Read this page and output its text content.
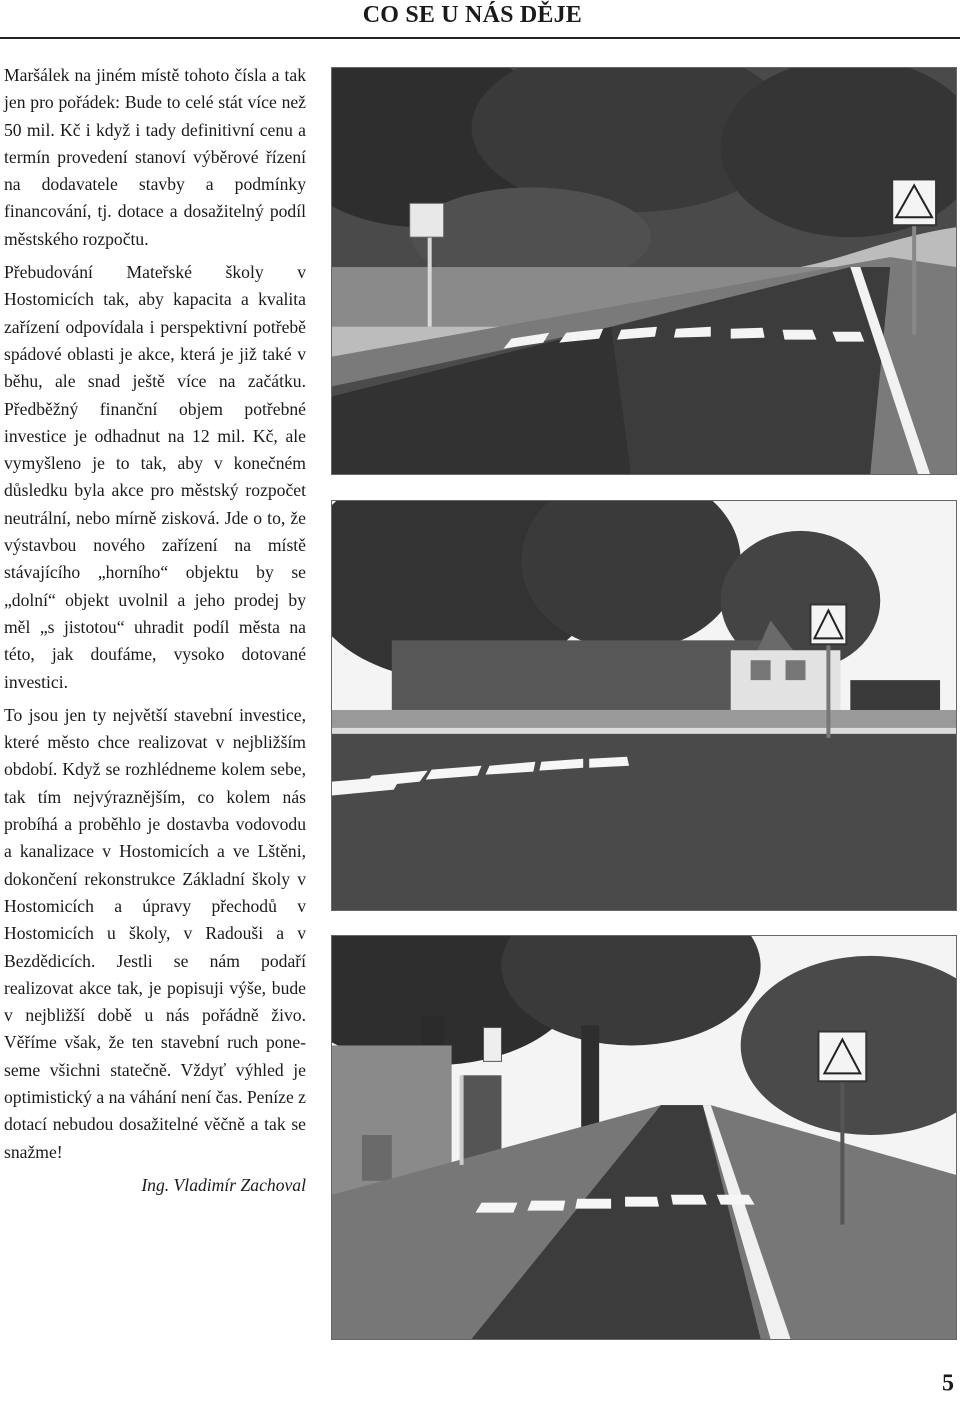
CO SE U NÁS DĚJE

Maršálek na jiném místě tohoto čísla a tak jen pro pořádek: Bude to celé stát více než 50 mil. Kč i když i tady definitivní cenu a termín provedení stanoví výběrové řízení na dodavatele stavby a podmínky financování, tj. dotace a dosažitelný podíl městského rozpočtu.

Přebudování Mateřské školy v Hostomicích tak, aby kapacita a kvalita zařízení odpovídala i perspektivní potřebě spádové oblasti je akce, která je již také v běhu, ale snad ještě více na začátku. Předběžný finanční objem potřebné investice je odhadnut na 12 mil. Kč, ale vymyšleno je to tak, aby v konečném důsledku byla akce pro městský rozpočet neutrální, nebo mírně zisková. Jde o to, že výstavbou nového zařízení na místě stávajícího „horního“ objektu by se „dolní“ objekt uvolnil a jeho prodej by měl „s jistotou“ uhradit podíl města na této, jak doufáme, vysoko dotované investici.

To jsou jen ty největší stavební investice, které město chce realizovat v nejbližším období. Když se rozhlédneme kolem sebe, tak tím nejvýraznějším, co kolem nás probíhá a proběhlo je dostavba vodovodu a kanalizace v Hostomicích a ve Lštěni, dokončení rekonstrukce Základní školy v Hostomicích a úpravy přechodů v Hostomicích u školy, v Radouši a v Bezdědicích. Jestli se nám podaří realizovat akce tak, je popisuji výše, bude v nejbližší době u nás pořádně živo. Věříme však, že ten stavební ruch poneseme všichni statečně. Vždyť výhled je optimistický a na váhání není čas. Peníze z dotací nebudou dosažitelné věčně a tak se snažme!

Ing. Vladimír Zachoval
5
